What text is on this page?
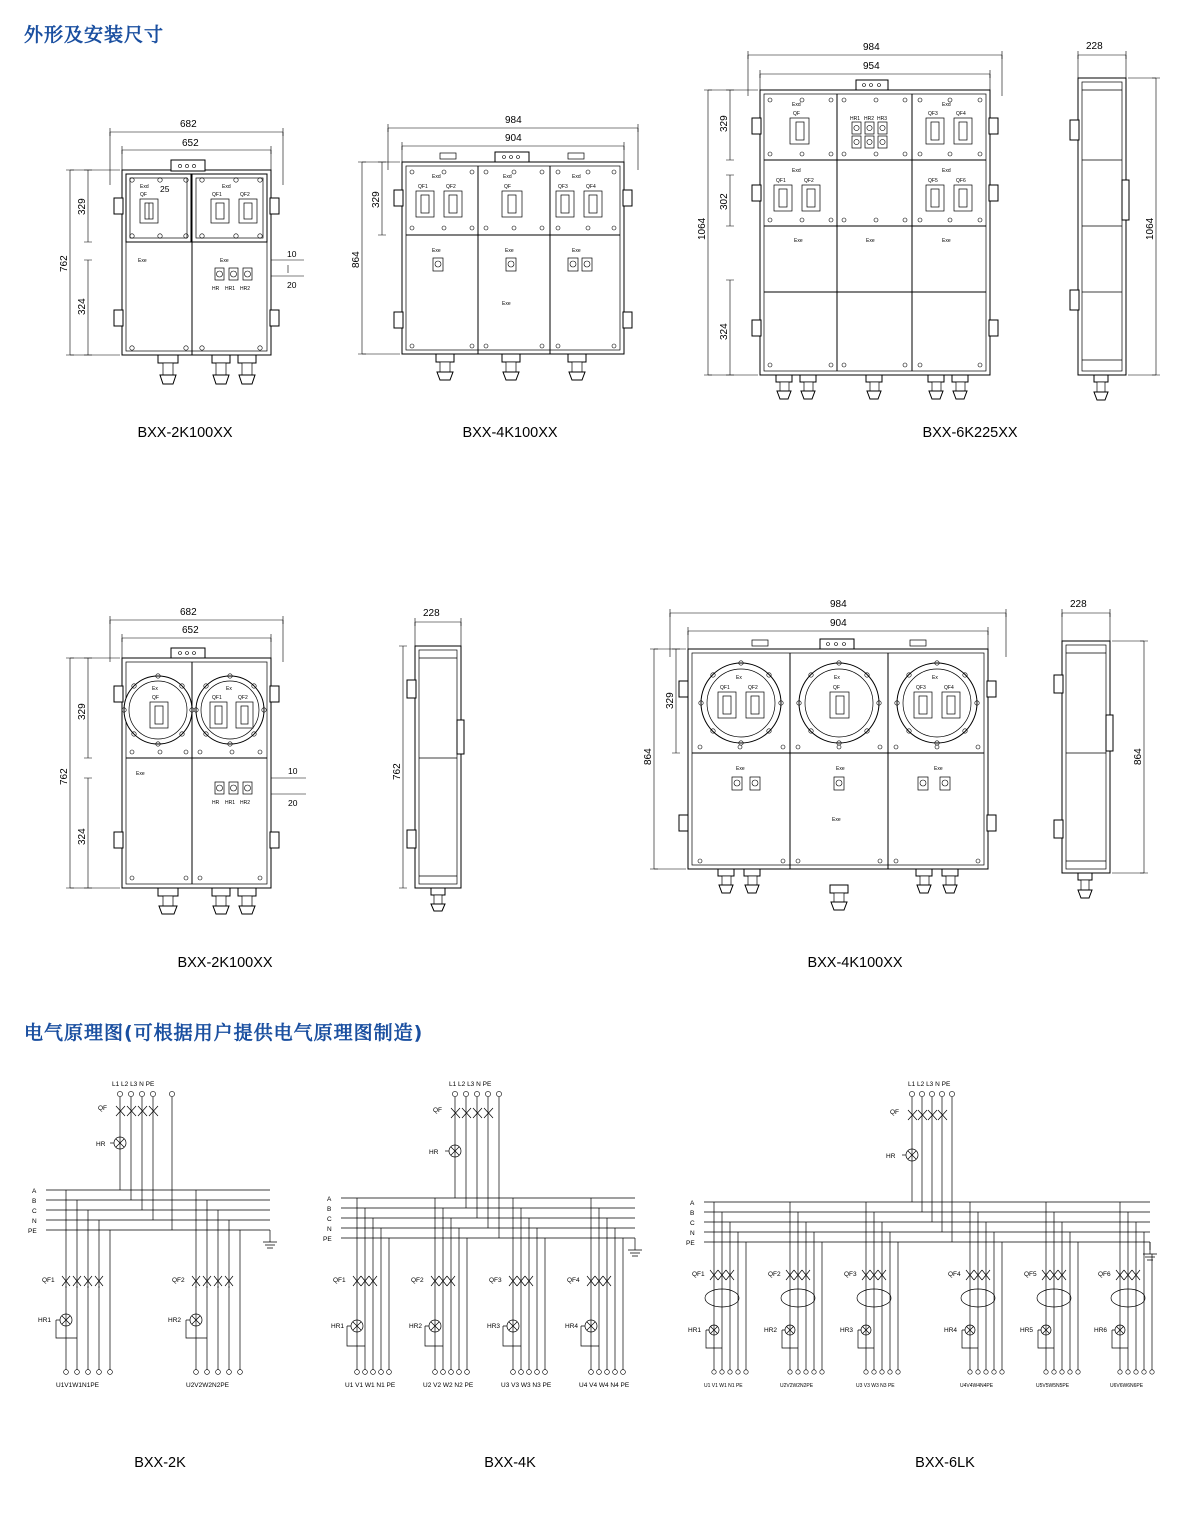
外形及安装尺寸
电气原理图(可根据用户提供电气原理图制造)
682
652
Exd
QF
Exd
QF1	QF2
Exe	Exe
HR HR1 HR2
762
329
324
10
20
25
BXX-2K100XX
984
904
Exd
QF1	QF2
Exd
QF
Exd
QF3	QF4
Exe	Exe	Exe
Exe
864
329
BXX-4K100XX
984
954
Exd
QF
HR1 HR2 HR3
Exd
QF3	QF4
Exd
QF1	QF2
Exd
QF5	QF6
Exe	Exe	Exe
1064
329
302
324
228
1064
BXX-6K225XX
682
652
Ex
QF
Ex
QF1	QF2
Exe
HR HR1 HR2
762
329
324
10
20
228
762
BXX-2K100XX
984
904
Ex
QF1	QF2
Ex
QF
Ex
QF3	QF4
Exe	Exe	Exe
Exe
864
329
228
864
BXX-4K100XX
L1 L2 L3 N PE
QF
HR
A
B
C
N
PE
QF1
HR1
U1V1W1N1PE
QF2
HR2
U2V2W2N2PE
BXX-2K
L1 L2 L3 N PE
QF
HR
A
B
C
N
PE
QF1
HR1
U1 V1 W1 N1 PE
QF2
HR2
U2 V2 W2 N2 PE
QF3
HR3
U3 V3 W3 N3 PE
QF4
HR4
U4 V4 W4 N4 PE
BXX-4K
L1 L2 L3 N PE
QF
HR
A
B
C
N
PE
QF1
HR1
U1 V1 W1 N1 PE
QF2
HR2
U2V2W2N2PE
QF3
HR3
U3 V3 W3 N3 PE
QF4
HR4
U4V4W4N4PE
QF5
HR5
U5V5W5N5PE
QF6
HR6
U6V6W6N6PE
BXX-6LK
